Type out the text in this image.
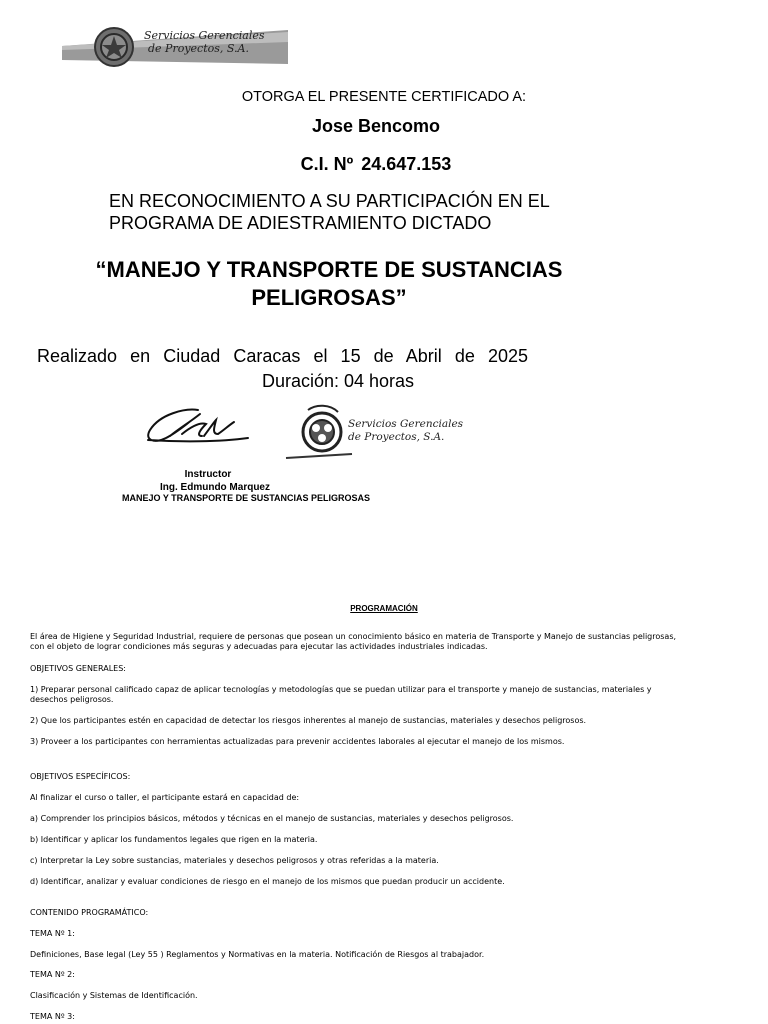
Servicios Gerenciales
de Proyectos, S.A.
OTORGA EL PRESENTE CERTIFICADO A:
Jose Bencomo
C.I. Nº 24.647.153
EN RECONOCIMIENTO A SU PARTICIPACIÓN EN EL
PROGRAMA DE ADIESTRAMIENTO DICTADO
“MANEJO Y TRANSPORTE DE SUSTANCIAS
PELIGROSAS”
Realizado en Ciudad Caracas el 15 de Abril de 2025
Duración: 04 horas
Servicios Gerenciales
de Proyectos, S.A.
Instructor
Ing. Edmundo Marquez
MANEJO Y TRANSPORTE DE SUSTANCIAS PELIGROSAS
PROGRAMACIÓN
El área de Higiene y Seguridad Industrial, requiere de personas que posean un conocimiento básico en materia de Transporte y Manejo de sustancias peligrosas,
con el objeto de lograr condiciones más seguras y adecuadas para ejecutar las actividades industriales indicadas.
OBJETIVOS GENERALES:
1) Preparar personal calificado capaz de aplicar tecnologías y metodologías que se puedan utilizar para el transporte y manejo de sustancias, materiales y
desechos peligrosos.
2) Que los participantes estén en capacidad de detectar los riesgos inherentes al manejo de sustancias, materiales y desechos peligrosos.
3) Proveer a los participantes con herramientas actualizadas para prevenir accidentes laborales al ejecutar el manejo de los mismos.
OBJETIVOS ESPECÍFICOS:
Al finalizar el curso o taller, el participante estará en capacidad de:
a) Comprender los principios básicos, métodos y técnicas en el manejo de sustancias, materiales y desechos peligrosos.
b) Identificar y aplicar los fundamentos legales que rigen en la materia.
c) Interpretar la Ley sobre sustancias, materiales y desechos peligrosos y otras referidas a la materia.
d) Identificar, analizar y evaluar condiciones de riesgo en el manejo de los mismos que puedan producir un accidente.
CONTENIDO PROGRAMÁTICO:
TEMA Nº 1:
Definiciones, Base legal (Ley 55 ) Reglamentos y Normativas en la materia. Notificación de Riesgos al trabajador.
TEMA Nº 2:
Clasificación y Sistemas de Identificación.
TEMA Nº 3:
